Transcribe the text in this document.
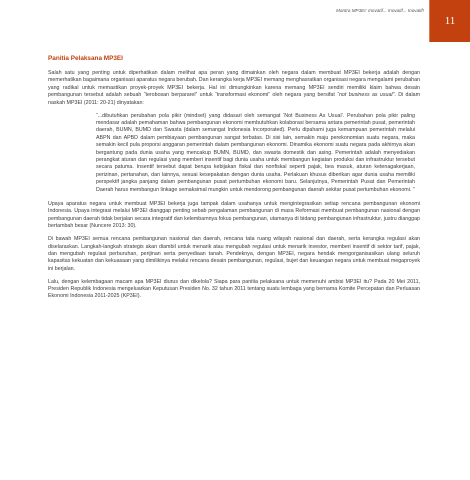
Mantra MP3EI: Inovatif... Inovatif... Inovatif!
11
Panitia Pelaksana MP3EI

Salah satu yang penting untuk diperhatikan dalam melihat apa peran yang dimainkan oleh negara dalam membuat MP3EI bekerja adalah dengan memerhatikan bagaimana organisasi aparatus negara berubah. Dan kerangka kerja MP3EI memang menghasratkan organisasi negara mengalami perubahan yang radikal untuk memastikan proyek-proyek MP3EI bekerja. Hal ini dimungkinkan karena memang MP3EI sendiri memiliki klaim bahwa desain pembangunan tersebut adalah sebuah “terobosan berpararel” untuk “transformasi ekonomi” oleh negara yang bersifat “not business as usual”. Di dalam naskah MP3EI (2011: 20-21) dinyatakan:

“...dibutuhkan perubahan pola pikir (mindset) yang didasari oleh semangat ‘Not Business As Usual’. Perubahan pola pikir paling mendasar adalah pemahaman bahwa pembangunan ekonomi membutuhkan kolaborasi bersama antara pemerintah pusat, pemerintah daerah, BUMN, BUMD dan Swasta (dalam semangat Indonesia Incorporated). Perlu dipahami juga kemampuan pemerintah melalui ABPN dan APBD dalam pembiayaan pembangunan sangat terbatas. Di sisi lain, semakin maju perekonomian suatu negara, maka semakin kecil pula proporsi anggaran pemerintah dalam pembangunan ekonomi. Dinamika ekonomi suatu negara pada akhirnya akan bergantung pada dunia usaha yang mencakup BUMN, BUMD, dan swasta domestik dan asing. Pemerintah adalah menyediakan perangkat aturan dan regulasi yang memberi insentif bagi dunia usaha untuk membangun kegiatan produksi dan infrastruktur tersebut secara patuma. Insentif tersebut dapat berupa kebijakan fiskal dan nonfiskal seperti pajak, bea masuk, aturan ketenagakerjaan, perizinan, pertanahan, dan lainnya, sesuai kesepakatan dengan dunia usaha. Perlakuan khusus diberikan agar dunia usaha memiliki perspektif jangka panjang dalam pembangunan pusat pertumbuhan ekonomi baru. Selanjutnya, Pemerintah Pusat dan Pemerintah Daerah harus membangun linkage semaksimal mungkin untuk mendorong pembangunan daerah sekitar pusat pertumbuhan ekonomi. ”

Upaya aparatus negara untuk membuat MP3EI bekerja juga tampak dalam usahanya untuk mengintegrasikan setiap rencana pembangunan ekonomi Indonesia. Upaya integrasi melalui MP3EI dianggap penting sebab pengalaman pembangunan di masa Reformasi membuat pembangunan nasional dengan pembangunan daerah tidak berjalan secara integratif dan kelembamnya fokus pembangunan, utamanya di bidang pembangunan infrastruktur, justru dianggap bertambah besar (Nuncere 2013: 30).

Di bawah MP3EI semua rencana pembangunan nasional dan daerah, rencana tata ruang wilayah nasional dan daerah, serta kerangka regulasi akan diselaraskan. Langkah-langkah strategis akan diambil untuk menarik atau mengubah regulasi untuk menarik investor, memberi insentif di sektor tarif, pajak, dan mengubah regulasi perburuhan, perijinan serta penyediaan tanah. Pendeknya, dengan MP3EI, negara hendak mengorganisasikan ulang seluruh kapasitas kekuatan dan kekuasaan yang dimilikinya melalui rencana desain pembangunan, regulasi, bujet dan keuangan negara untuk membuat megaproyek ini berjalan.

Lalu, dengan kelembagaan macam apa MP3EI diurus dan dikelola? Siapa para panitia pelaksana untuk memenuhi ambisi MP3EI itu? Pada 20 Mei 2011, Presiden Republik Indonesia mengeluarkan Keputusan Presiden No. 32 tahun 2011 tentang suatu lembaga yang bernama Komite Percepatan dan Perluasan Ekonomi Indonesia 2011-2025 (KP3EI).
